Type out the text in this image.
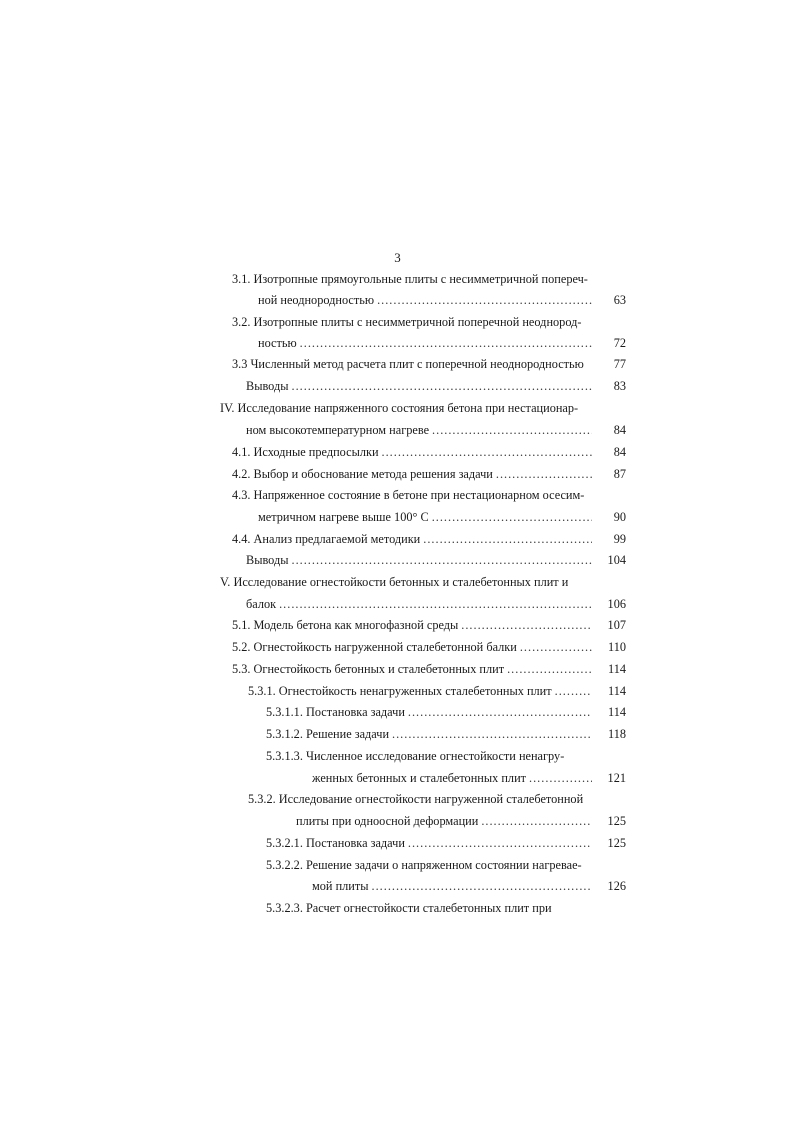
3
3.1. Изотропные прямоугольные плиты с несимметричной попереч-
ной неоднородностью .....	63
3.2. Изотропные плиты с несимметричной поперечной неоднород-
ностью .....	72
3.3 Численный метод расчета плит с поперечной неоднородностью	77
Выводы .....	83
IV. Исследование напряженного состояния бетона при нестационар-
ном высокотемпературном нагреве .....	84
4.1. Исходные предпосылки .....	84
4.2. Выбор и обоснование метода решения задачи .....	87
4.3. Напряженное состояние в бетоне при нестационарном осесим-
метричном нагреве выше 100° С .....	90
4.4. Анализ предлагаемой методики .....	99
Выводы .....	104
V. Исследование огнестойкости бетонных и сталебетонных плит и
балок .....	106
5.1. Модель бетона как многофазной среды .....	107
5.2. Огнестойкость нагруженной сталебетонной балки .....	110
5.3. Огнестойкость бетонных и сталебетонных плит .....	114
5.3.1. Огнестойкость ненагруженных сталебетонных плит .....	114
5.3.1.1. Постановка задачи .....	114
5.3.1.2. Решение задачи .....	118
5.3.1.3. Численное исследование огнестойкости ненагру-
женных бетонных и сталебетонных плит .....	121
5.3.2. Исследование огнестойкости нагруженной сталебетонной
плиты при одноосной деформации .....	125
5.3.2.1. Постановка задачи .....	125
5.3.2.2. Решение задачи о напряженном состоянии нагревае-
мой плиты .....	126
5.3.2.3. Расчет огнестойкости сталебетонных плит при
